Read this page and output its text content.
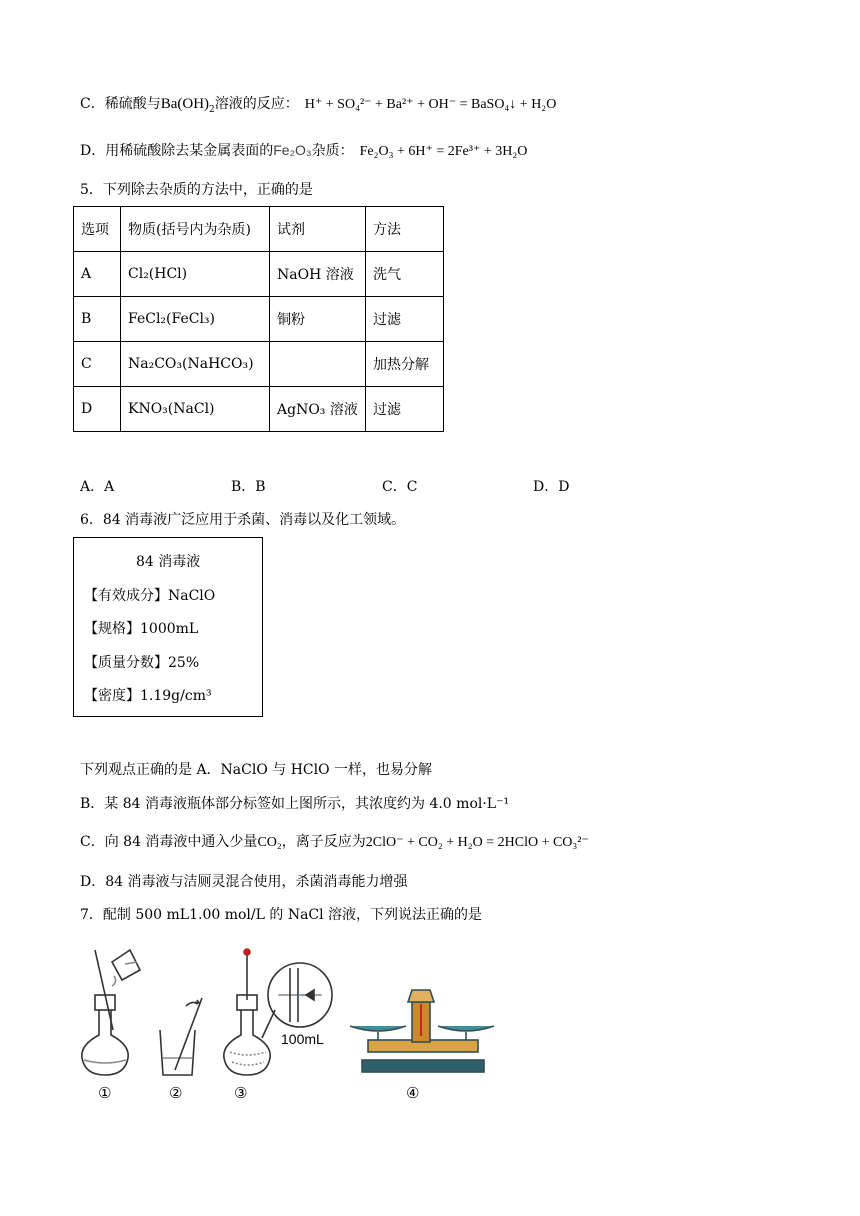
C．稀硫酸与$Ba(OH)_2$溶液的反应： H⁺ + SO₄²⁻ + Ba²⁺ + OH⁻ = BaSO₄↓ + H₂O
D．用稀硫酸除去某金属表面的Fe₂O₃杂质： Fe₂O₃ + 6H⁺ = 2Fe³⁺ + 3H₂O
5．下列除去杂质的方法中，正确的是
选项	物质(括号内为杂质)	试剂	方法
A	Cl₂(HCl)	NaOH 溶液	洗气
B	FeCl₂(FeCl₃)	铜粉	过滤
C	Na₂CO₃(NaHCO₃)		加热分解
D	KNO₃(NaCl)	AgNO₃ 溶液	过滤
A．A	B．B	C．C	D．D
6．84 消毒液广泛应用于杀菌、消毒以及化工领域。
84 消毒液
【有效成分】NaClO
【规格】1000mL
【质量分数】25%
【密度】1.19g/cm³
下列观点正确的是 A．NaClO 与 HClO 一样，也易分解
B．某 84 消毒液瓶体部分标签如上图所示，其浓度约为 4.0 mol·L⁻¹
C．向 84 消毒液中通入少量CO₂，离子反应为2ClO⁻ + CO₂ + H₂O = 2HClO + CO₃²⁻
D．84 消毒液与洁厕灵混合使用，杀菌消毒能力增强
7．配制 500 mL1.00 mol/L 的 NaCl 溶液，下列说法正确的是
100mL
①	②	③	④
